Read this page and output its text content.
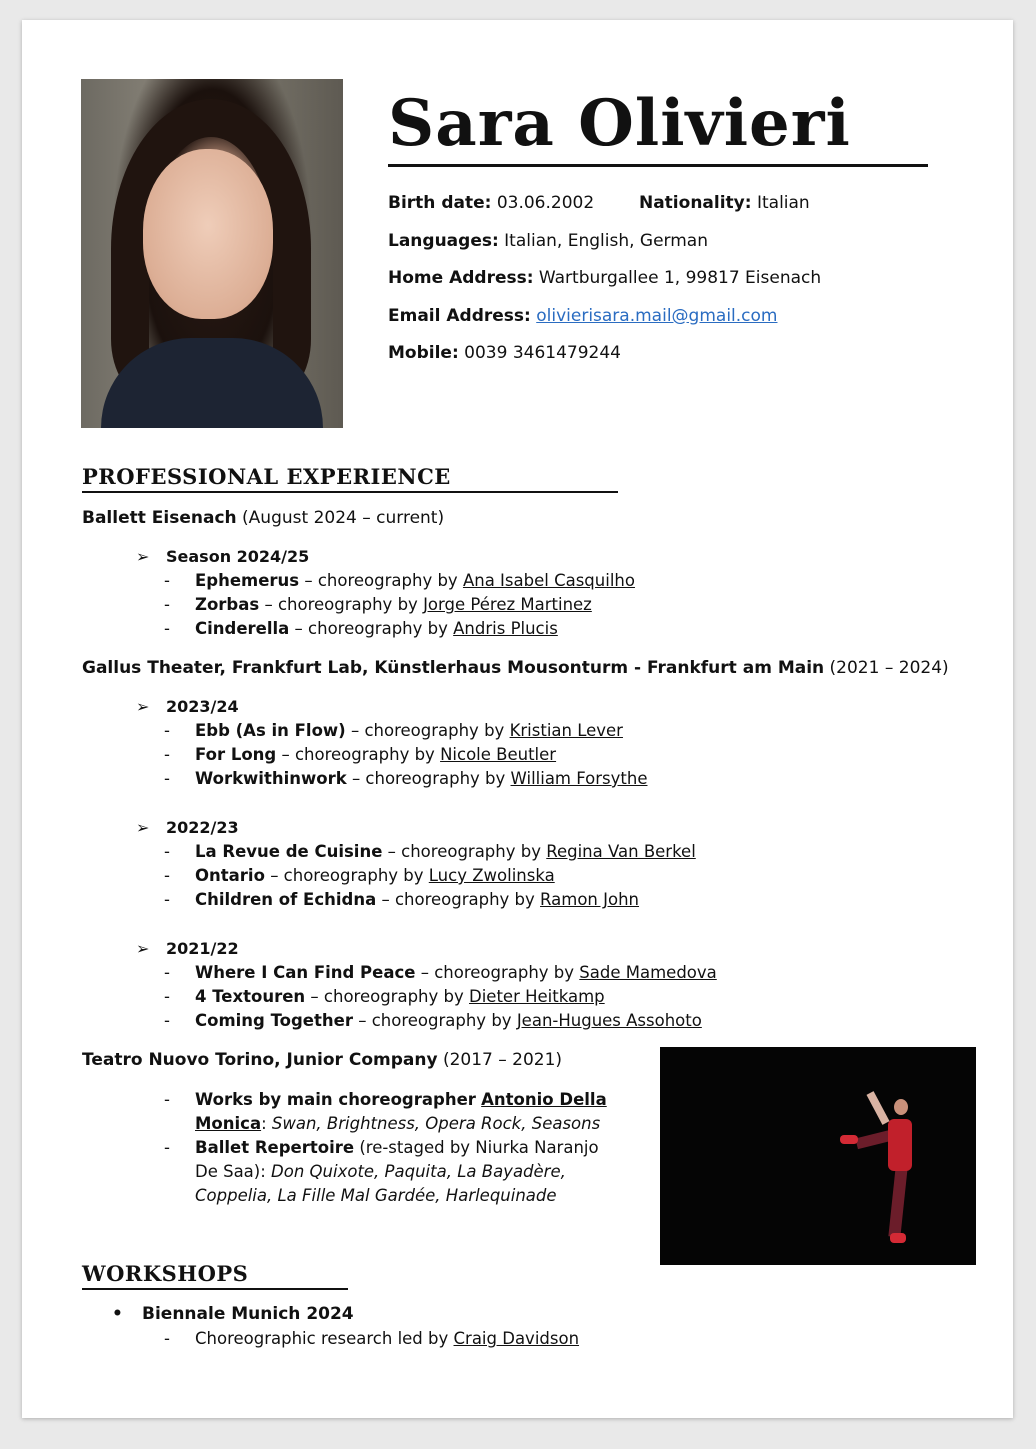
Sara Olivieri
Birth date: 03.06.2002	Nationality: Italian
Languages: Italian, English, German
Home Address: Wartburgallee 1, 99817 Eisenach
Email Address: olivierisara.mail@gmail.com
Mobile: 0039 3461479244
PROFESSIONAL EXPERIENCE
Ballett Eisenach (August 2024 – current)
➢ Season 2024/25
- Ephemerus – choreography by Ana Isabel Casquilho
- Zorbas – choreography by Jorge Pérez Martinez
- Cinderella – choreography by Andris Plucis
Gallus Theater, Frankfurt Lab, Künstlerhaus Mousonturm - Frankfurt am Main (2021 – 2024)
➢ 2023/24
- Ebb (As in Flow) – choreography by Kristian Lever
- For Long – choreography by Nicole Beutler
- Workwithinwork – choreography by William Forsythe
➢ 2022/23
- La Revue de Cuisine – choreography by Regina Van Berkel
- Ontario – choreography by Lucy Zwolinska
- Children of Echidna – choreography by Ramon John
➢ 2021/22
- Where I Can Find Peace – choreography by Sade Mamedova
- 4 Textouren – choreography by Dieter Heitkamp
- Coming Together – choreography by Jean-Hugues Assohoto
Teatro Nuovo Torino, Junior Company (2017 – 2021)
- Works by main choreographer Antonio Della Monica: Swan, Brightness, Opera Rock, Seasons
- Ballet Repertoire (re-staged by Niurka Naranjo De Saa): Don Quixote, Paquita, La Bayadère, Coppelia, La Fille Mal Gardée, Harlequinade
WORKSHOPS
• Biennale Munich 2024
- Choreographic research led by Craig Davidson
